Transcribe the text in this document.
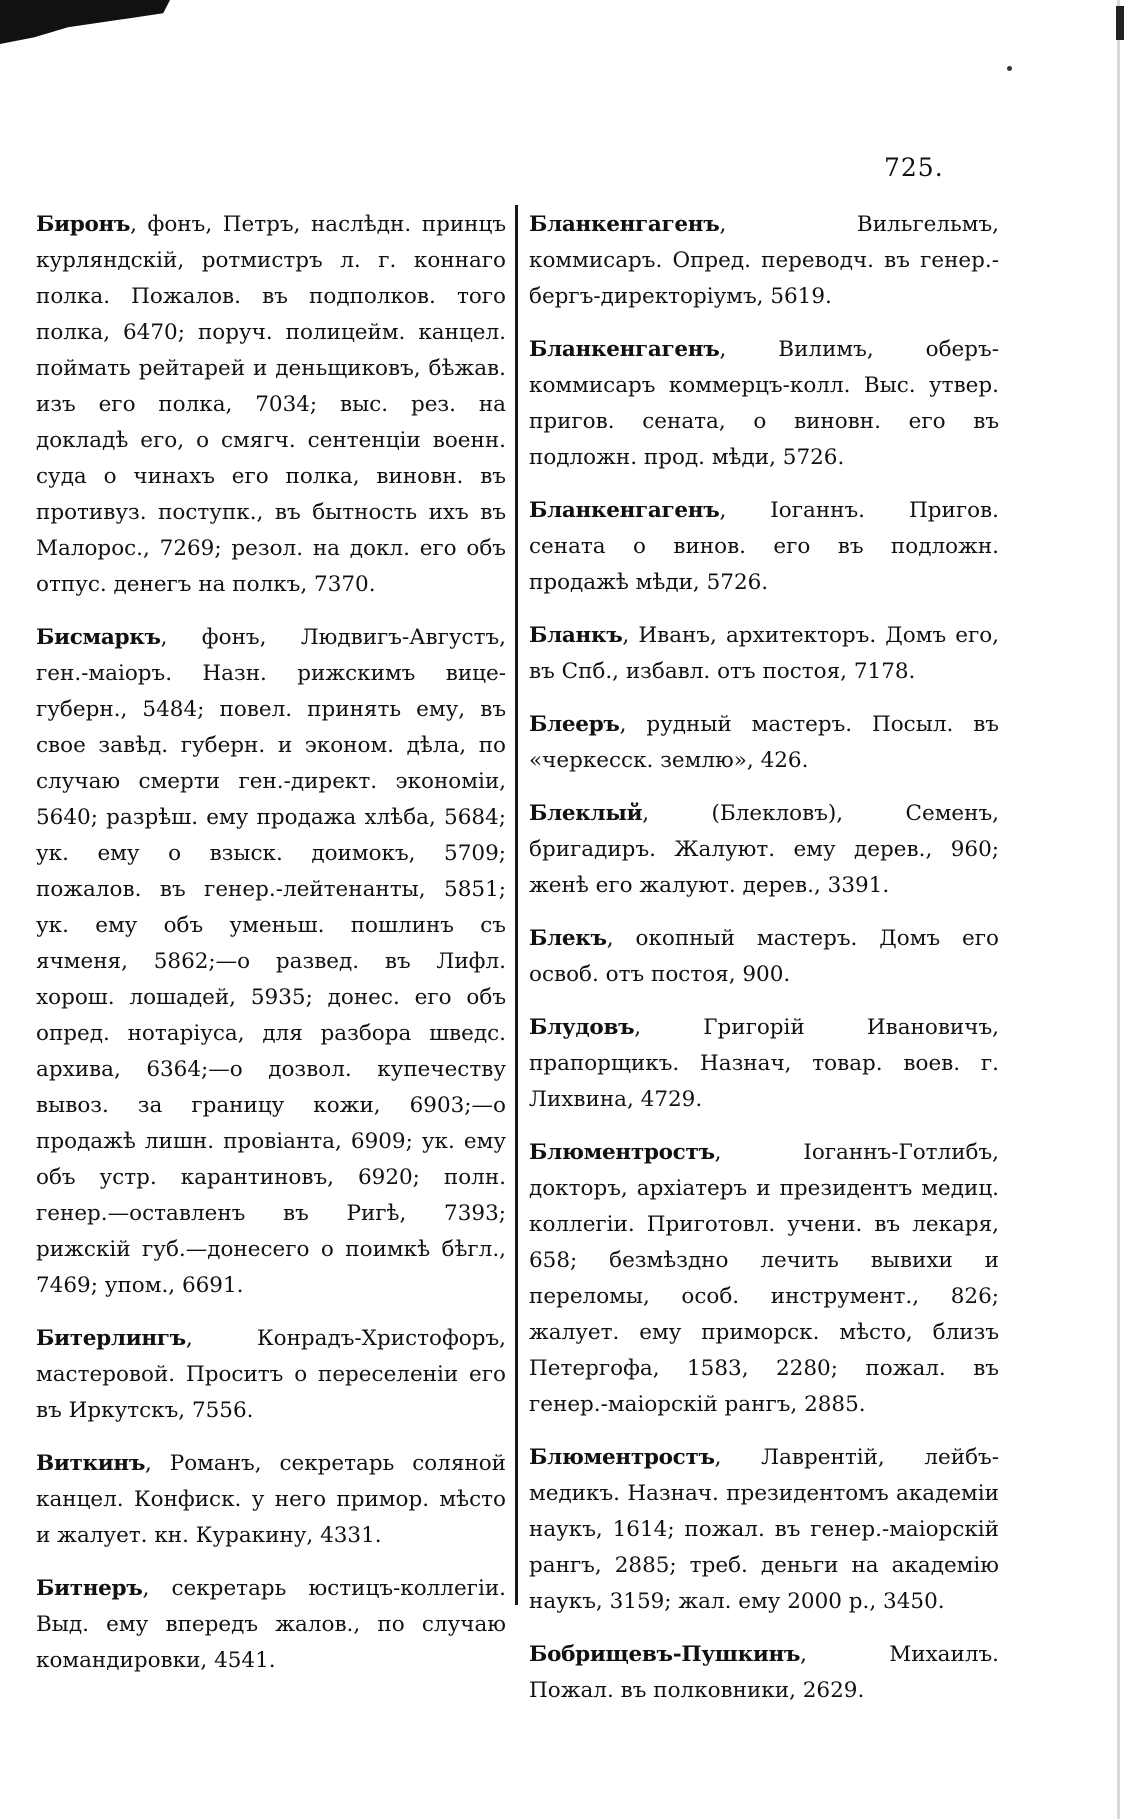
725.

Биронъ, фонъ, Петръ, наслѣдн. принцъ курляндскій, ротмистръ л. г. коннаго полка. Пожалов. въ подполков. того полка, 6470; поруч. полицейм. канцел. поймать рейтарей и деньщиковъ, бѣжав. изъ его полка, 7034; выс. рез. на докладѣ его, о смягч. сентенціи военн. суда о чинахъ его полка, виновн. въ противуз. поступк., въ бытность ихъ въ Малорос., 7269; резол. на докл. его объ отпус. денегъ на полкъ, 7370.

Бисмаркъ, фонъ, Людвигъ-Августъ, ген.-маіоръ. Назн. рижскимъ вице-губерн., 5484; повел. принять ему, въ свое завѣд. губерн. и эконом. дѣла, по случаю смерти ген.-директ. экономіи, 5640; разрѣш. ему продажа хлѣба, 5684; ук. ему о взыск. доимокъ, 5709; пожалов. въ генер.-лейтенанты, 5851; ук. ему объ уменьш. пошлинъ съ ячменя, 5862;—о развед. въ Лифл. хорош. лошадей, 5935; донес. его объ опред. нотаріуса, для разбора шведс. архива, 6364;—о дозвол. купечеству вывоз. за границу кожи, 6903;—о продажѣ лишн. провіанта, 6909; ук. ему объ устр. карантиновъ, 6920; полн. генер.—оставленъ въ Ригѣ, 7393; рижскій губ.—донесего о поимкѣ бѣгл., 7469; упом., 6691.

Битерлингъ, Конрадъ-Христофоръ, мастеровой. Проситъ о переселеніи его въ Иркутскъ, 7556.

Виткинъ, Романъ, секретарь соляной канцел. Конфиск. у него примор. мѣсто и жалует. кн. Куракину, 4331.

Битнеръ, секретарь юстицъ-коллегіи. Выд. ему впередъ жалов., по случаю командировки, 4541.

Бланкенгагенъ, Вильгельмъ, коммисаръ. Опред. переводч. въ генер.-бергъ-директоріумъ, 5619.

Бланкенгагенъ, Вилимъ, оберъ-коммисаръ коммерцъ-колл. Выс. утвер. пригов. сената, о виновн. его въ подложн. прод. мѣди, 5726.

Бланкенгагенъ, Іоганнъ. Пригов. сената о винов. его въ подложн. продажѣ мѣди, 5726.

Бланкъ, Иванъ, архитекторъ. Домъ его, въ Спб., избавл. отъ постоя, 7178.

Блееръ, рудный мастеръ. Посыл. въ «черкесск. землю», 426.

Блеклый, (Блекловъ), Семенъ, бригадиръ. Жалуют. ему дерев., 960; женѣ его жалуют. дерев., 3391.

Блекъ, окопный мастеръ. Домъ его освоб. отъ постоя, 900.

Блудовъ, Григорій Ивановичъ, прапорщикъ. Назнач, товар. воев. г. Лихвина, 4729.

Блюментростъ, Іоганнъ-Готлибъ, докторъ, архіатеръ и президентъ медиц. коллегіи. Приготовл. учени. въ лекаря, 658; безмѣздно лечить вывихи и переломы, особ. инструмент., 826; жалует. ему приморск. мѣсто, близъ Петергофа, 1583, 2280; пожал. въ генер.-маіорскій рангъ, 2885.

Блюментростъ, Лаврентій, лейбъ-медикъ. Назнач. президентомъ академіи наукъ, 1614; пожал. въ генер.-маіорскій рангъ, 2885; треб. деньги на академію наукъ, 3159; жал. ему 2000 р., 3450.

Бобрищевъ-Пушкинъ, Михаилъ. Пожал. въ полковники, 2629.
